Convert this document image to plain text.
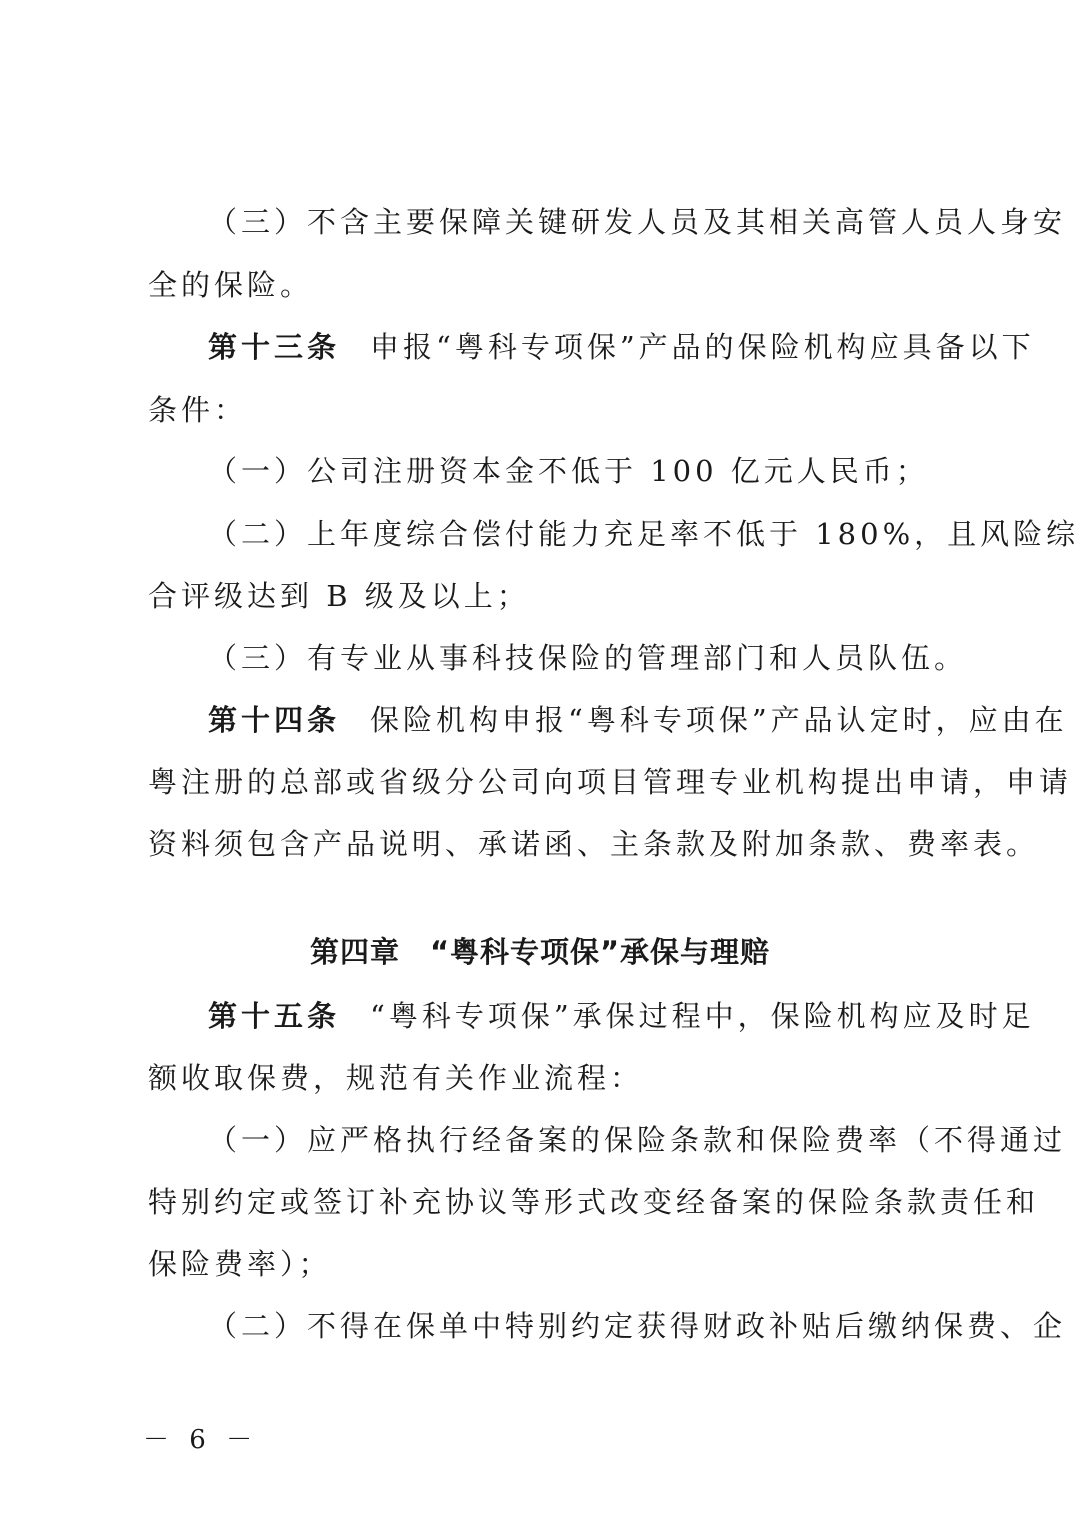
（三）不含主要保障关键研发人员及其相关高管人员人身安
全的保险。
第十三条 申报“粤科专项保”产品的保险机构应具备以下
条件：
（一）公司注册资本金不低于 100 亿元人民币；
（二）上年度综合偿付能力充足率不低于 180%，且风险综
合评级达到 B 级及以上；
（三）有专业从事科技保险的管理部门和人员队伍。
第十四条 保险机构申报“粤科专项保”产品认定时，应由在
粤注册的总部或省级分公司向项目管理专业机构提出申请，申请
资料须包含产品说明、承诺函、主条款及附加条款、费率表。
第四章　“粤科专项保”承保与理赔
第十五条 “粤科专项保”承保过程中，保险机构应及时足
额收取保费，规范有关作业流程：
（一）应严格执行经备案的保险条款和保险费率（不得通过
特别约定或签订补充协议等形式改变经备案的保险条款责任和
保险费率）；
（二）不得在保单中特别约定获得财政补贴后缴纳保费、企
－ 6 －
